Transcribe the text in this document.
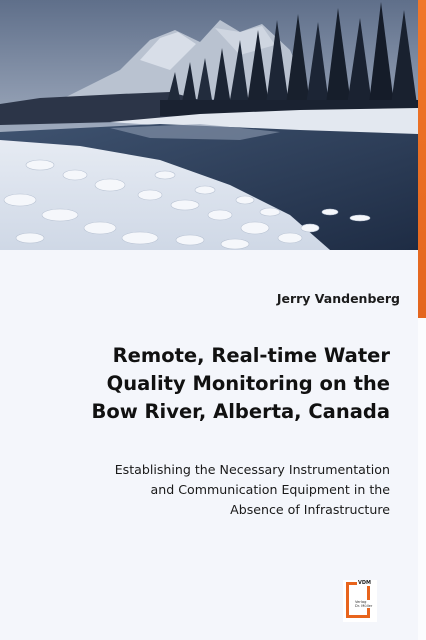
Jerry Vandenberg
Remote, Real-time Water
Quality Monitoring on the
Bow River, Alberta, Canada
Establishing the Necessary Instrumentation
and Communication Equipment in the
Absence of Infrastructure
VDM
Verlag
Dr. Müller
